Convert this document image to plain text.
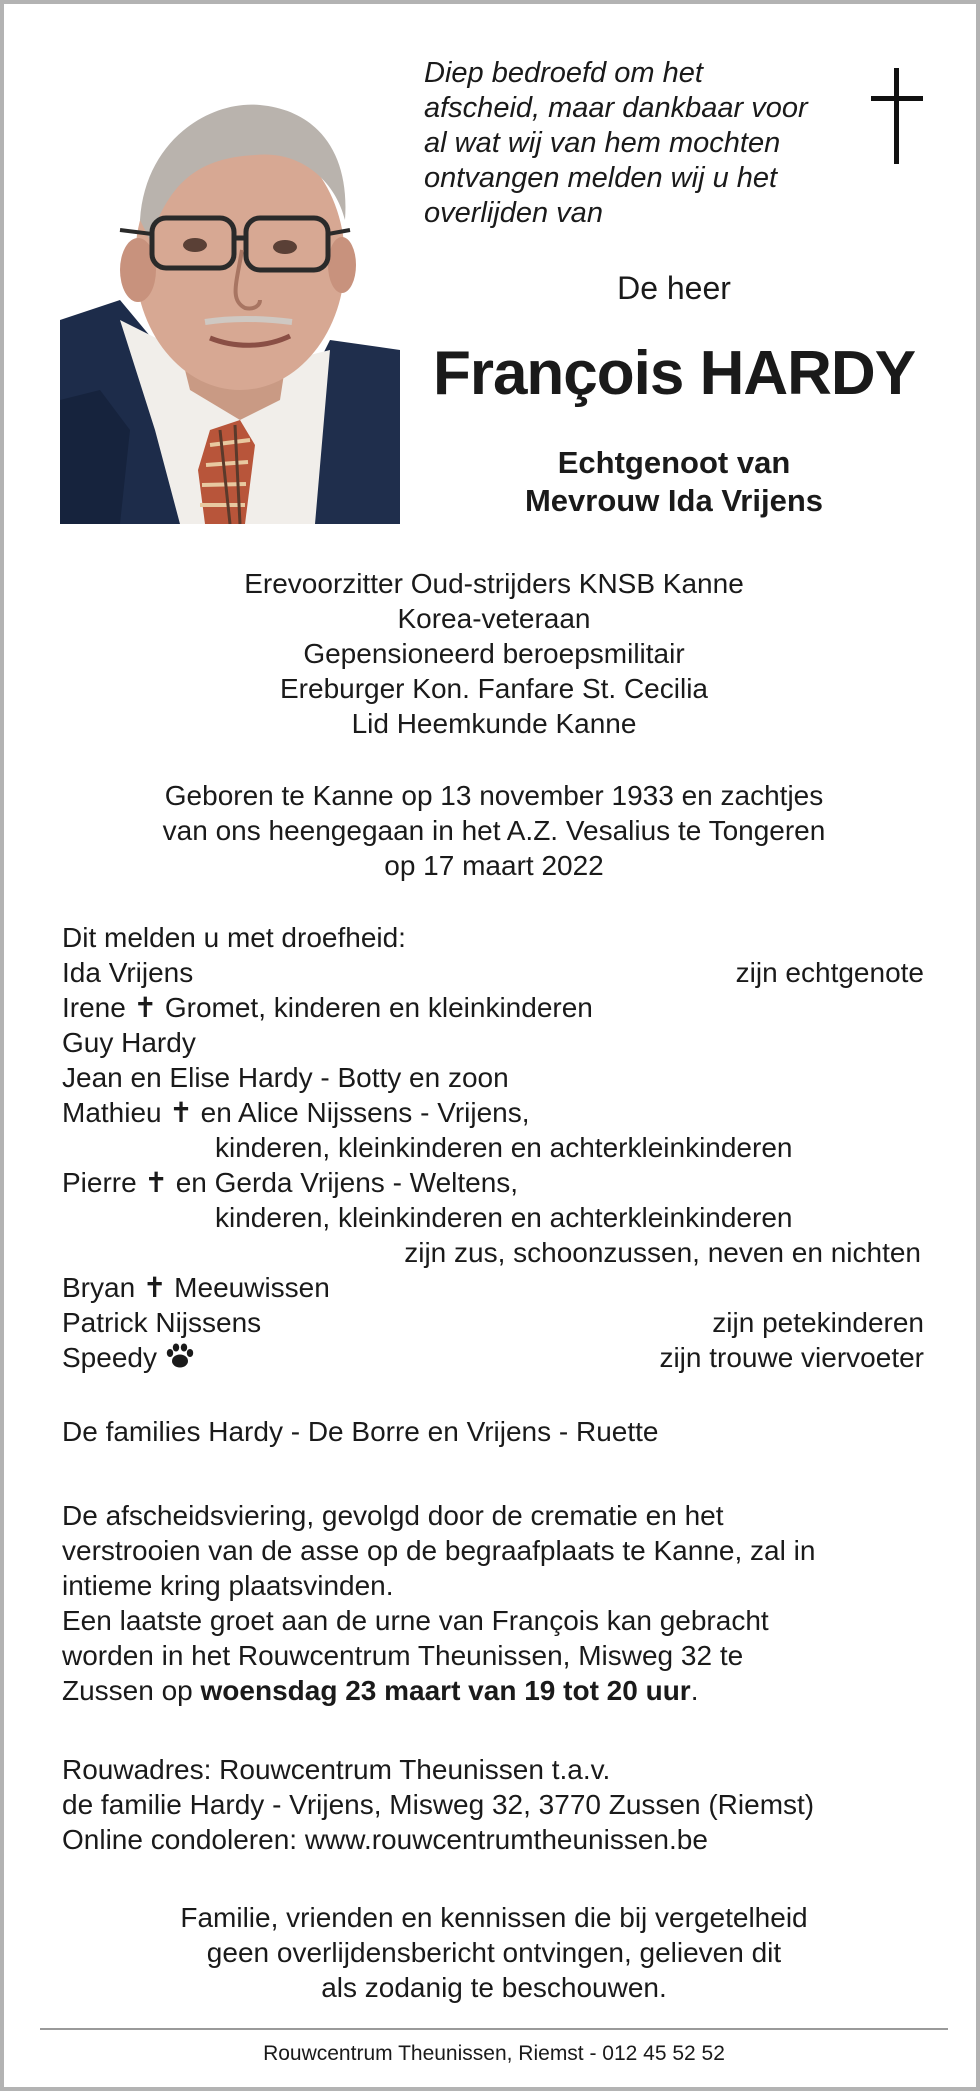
Diep bedroefd om het
afscheid, maar dankbaar voor
al wat wij van hem mochten
ontvangen melden wij u het
overlijden van
De heer
François HARDY
Echtgenoot van
Mevrouw Ida Vrijens
Erevoorzitter Oud-strijders KNSB Kanne
Korea-veteraan
Gepensioneerd beroepsmilitair
Ereburger Kon. Fanfare St. Cecilia
Lid Heemkunde Kanne
Geboren te Kanne op 13 november 1933 en zachtjes
van ons heengegaan in het A.Z. Vesalius te Tongeren
op 17 maart 2022
Dit melden u met droefheid:
Ida Vrijens	zijn echtgenote
Irene ✝ Gromet, kinderen en kleinkinderen
Guy Hardy
Jean en Elise Hardy - Botty en zoon
Mathieu ✝ en Alice Nijssens - Vrijens,
kinderen, kleinkinderen en achterkleinkinderen
Pierre ✝ en Gerda Vrijens - Weltens,
kinderen, kleinkinderen en achterkleinkinderen
zijn zus, schoonzussen, neven en nichten
Bryan ✝ Meeuwissen
Patrick Nijssens	zijn petekinderen
Speedy	zijn trouwe viervoeter
De families Hardy - De Borre en Vrijens - Ruette
De afscheidsviering, gevolgd door de crematie en het
verstrooien van de asse op de begraafplaats te Kanne, zal in
intieme kring plaatsvinden.
Een laatste groet aan de urne van François kan gebracht
worden in het Rouwcentrum Theunissen, Misweg 32 te
Zussen op woensdag 23 maart van 19 tot 20 uur.
Rouwadres: Rouwcentrum Theunissen t.a.v.
de familie Hardy - Vrijens, Misweg 32, 3770 Zussen (Riemst)
Online condoleren: www.rouwcentrumtheunissen.be
Familie, vrienden en kennissen die bij vergetelheid
geen overlijdensbericht ontvingen, gelieven dit
als zodanig te beschouwen.
Rouwcentrum Theunissen, Riemst - 012 45 52 52
